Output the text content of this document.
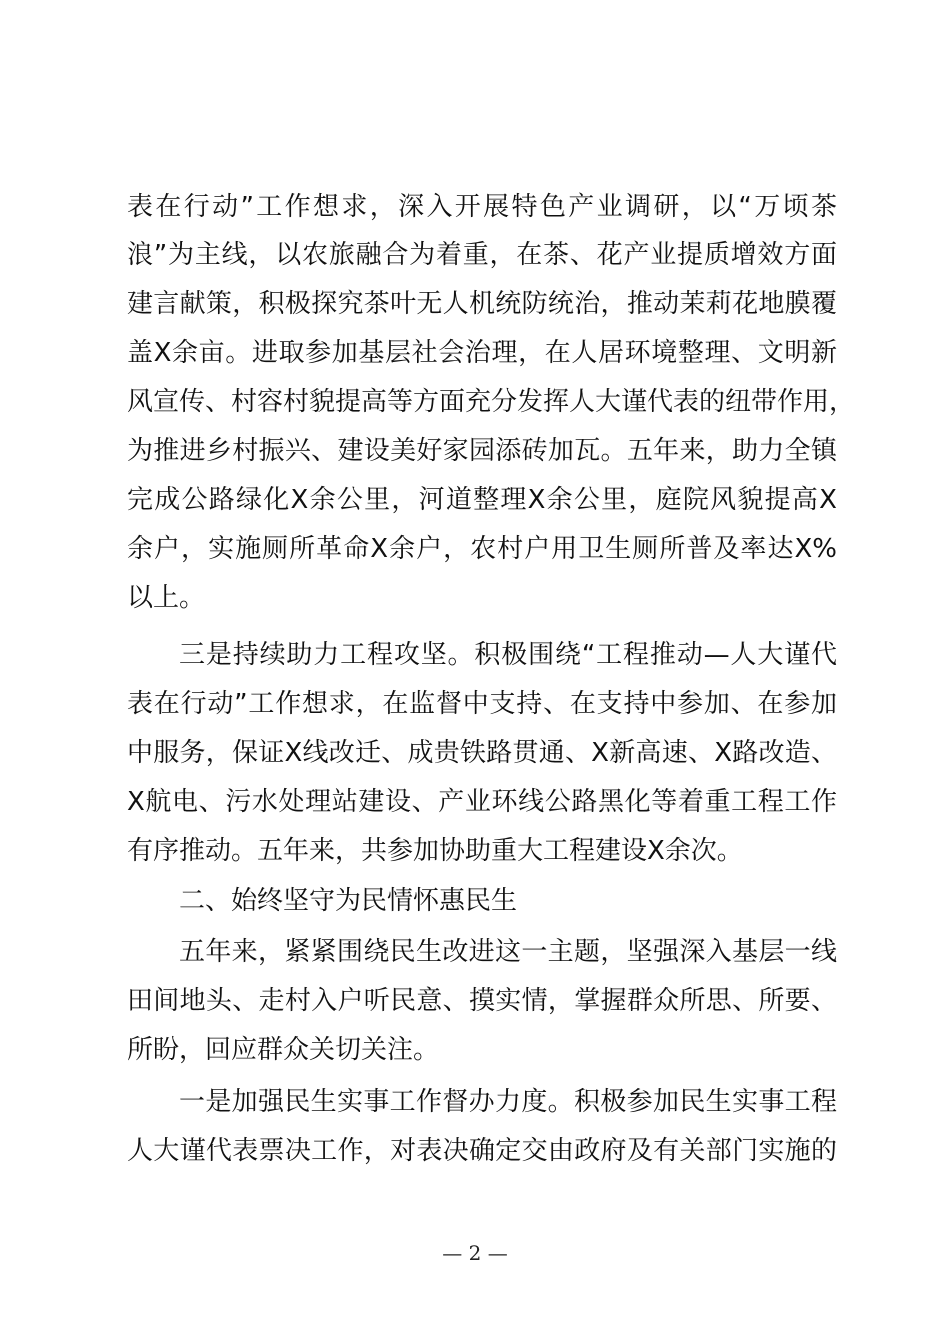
表在行动”工作想求，深入开展特色产业调研，以“万顷茶
浪”为主线，以农旅融合为着重，在茶、花产业提质增效方面
建言献策，积极探究茶叶无人机统防统治，推动茉莉花地膜覆
盖X余亩。进取参加基层社会治理，在人居环境整理、文明新
风宣传、村容村貌提高等方面充分发挥人大谨代表的纽带作用，
为推进乡村振兴、建设美好家园添砖加瓦。五年来，助力全镇
完成公路绿化X余公里，河道整理X余公里，庭院风貌提高X
余户，实施厕所革命X余户，农村户用卫生厕所普及率达X%
以上。
三是持续助力工程攻坚。积极围绕“工程推动—人大谨代
表在行动”工作想求，在监督中支持、在支持中参加、在参加
中服务，保证X线改迁、成贵铁路贯通、X新高速、X路改造、
X航电、污水处理站建设、产业环线公路黑化等着重工程工作
有序推动。五年来，共参加协助重大工程建设X余次。
二、始终坚守为民情怀惠民生
五年来，紧紧围绕民生改进这一主题，坚强深入基层一线
田间地头、走村入户听民意、摸实情，掌握群众所思、所要、
所盼，回应群众关切关注。
一是加强民生实事工作督办力度。积极参加民生实事工程
人大谨代表票决工作，对表决确定交由政府及有关部门实施的
— 2 —
